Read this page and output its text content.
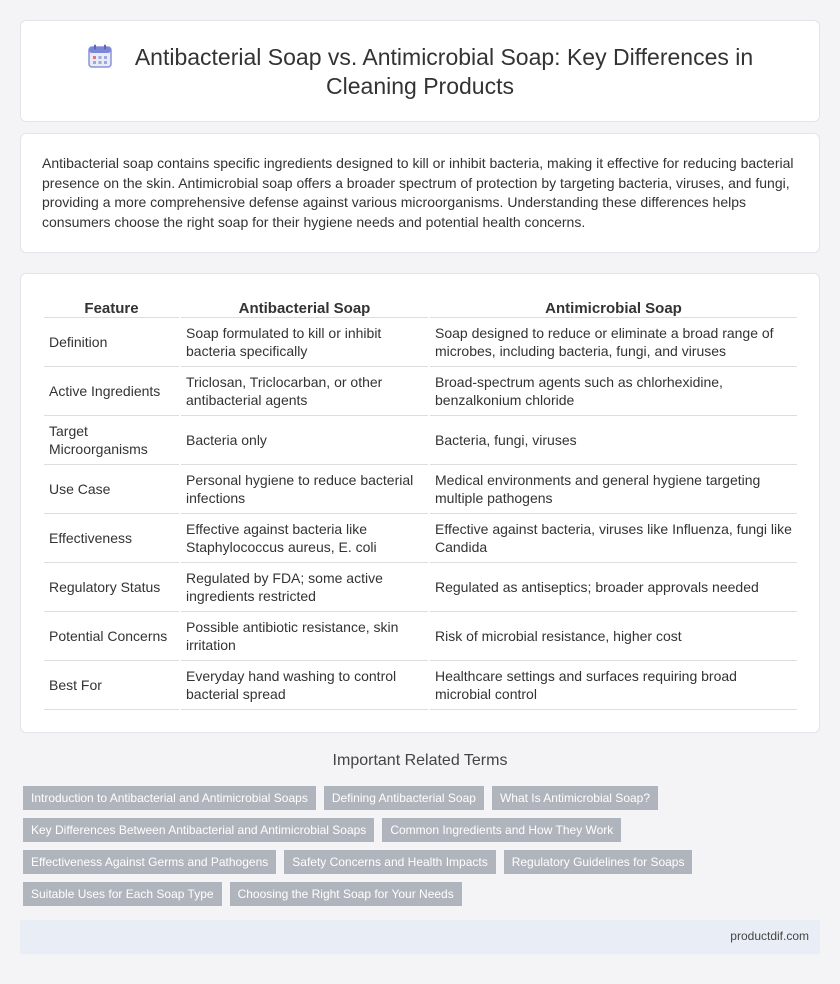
Antibacterial Soap vs. Antimicrobial Soap: Key Differences in Cleaning Products

Antibacterial soap contains specific ingredients designed to kill or inhibit bacteria, making it effective for reducing bacterial presence on the skin. Antimicrobial soap offers a broader spectrum of protection by targeting bacteria, viruses, and fungi, providing a more comprehensive defense against various microorganisms. Understanding these differences helps consumers choose the right soap for their hygiene needs and potential health concerns.

Feature	Antibacterial Soap	Antimicrobial Soap
Definition	Soap formulated to kill or inhibit bacteria specifically	Soap designed to reduce or eliminate a broad range of microbes, including bacteria, fungi, and viruses
Active Ingredients	Triclosan, Triclocarban, or other antibacterial agents	Broad-spectrum agents such as chlorhexidine, benzalkonium chloride
Target Microorganisms	Bacteria only	Bacteria, fungi, viruses
Use Case	Personal hygiene to reduce bacterial infections	Medical environments and general hygiene targeting multiple pathogens
Effectiveness	Effective against bacteria like Staphylococcus aureus, E. coli	Effective against bacteria, viruses like Influenza, fungi like Candida
Regulatory Status	Regulated by FDA; some active ingredients restricted	Regulated as antiseptics; broader approvals needed
Potential Concerns	Possible antibiotic resistance, skin irritation	Risk of microbial resistance, higher cost
Best For	Everyday hand washing to control bacterial spread	Healthcare settings and surfaces requiring broad microbial control
Important Related Terms
Introduction to Antibacterial and Antimicrobial Soaps	Defining Antibacterial Soap	What Is Antimicrobial Soap?
Key Differences Between Antibacterial and Antimicrobial Soaps	Common Ingredients and How They Work
Effectiveness Against Germs and Pathogens	Safety Concerns and Health Impacts	Regulatory Guidelines for Soaps
Suitable Uses for Each Soap Type	Choosing the Right Soap for Your Needs
productdif.com
